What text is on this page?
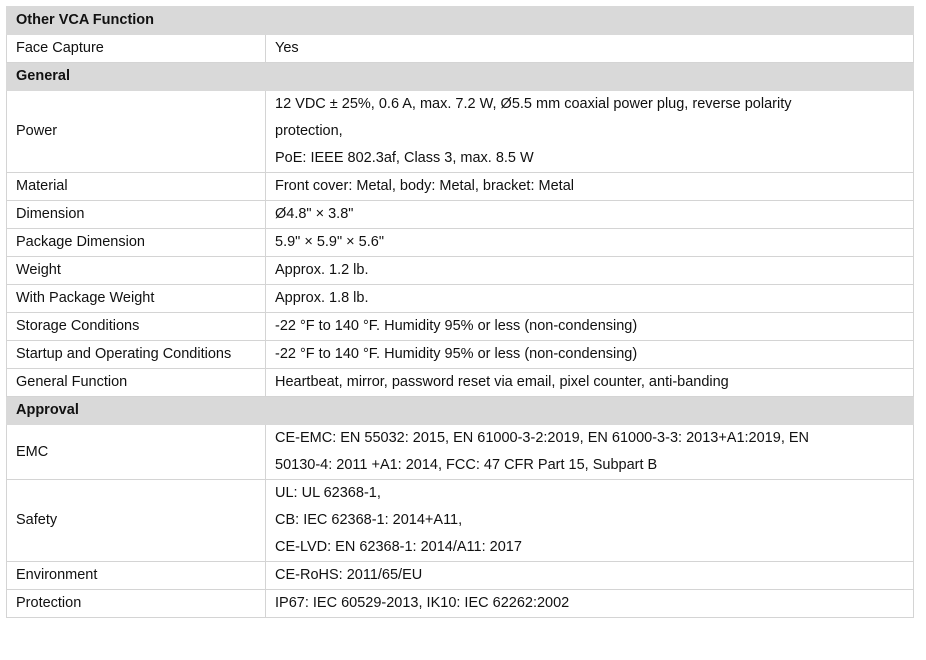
Other VCA Function	
Face Capture	Yes

General	
Power	12 VDC ± 25%, 0.6 A, max. 7.2 W, Ø5.5 mm coaxial power plug, reverse polarity
protection,
PoE: IEEE 802.3af, Class 3, max. 8.5 W

Material	Front cover: Metal, body: Metal, bracket: Metal

Dimension	Ø4.8" × 3.8"

Package Dimension	5.9" × 5.9" × 5.6"

Weight	Approx. 1.2 lb.

With Package Weight	Approx. 1.8 lb.

Storage Conditions	-22 °F to 140 °F. Humidity 95% or less (non-condensing)

Startup and Operating Conditions	-22 °F to 140 °F. Humidity 95% or less (non-condensing)

General Function	Heartbeat, mirror, password reset via email, pixel counter, anti-banding

Approval	
EMC	CE-EMC: EN 55032: 2015, EN 61000-3-2:2019, EN 61000-3-3: 2013+A1:2019, EN
50130-4: 2011 +A1: 2014, FCC: 47 CFR Part 15, Subpart B

Safety	UL: UL 62368-1,
CB: IEC 62368-1: 2014+A11,
CE-LVD: EN 62368-1: 2014/A11: 2017

Environment	CE-RoHS: 2011/65/EU

Protection	IP67: IEC 60529-2013, IK10: IEC 62262:2002
